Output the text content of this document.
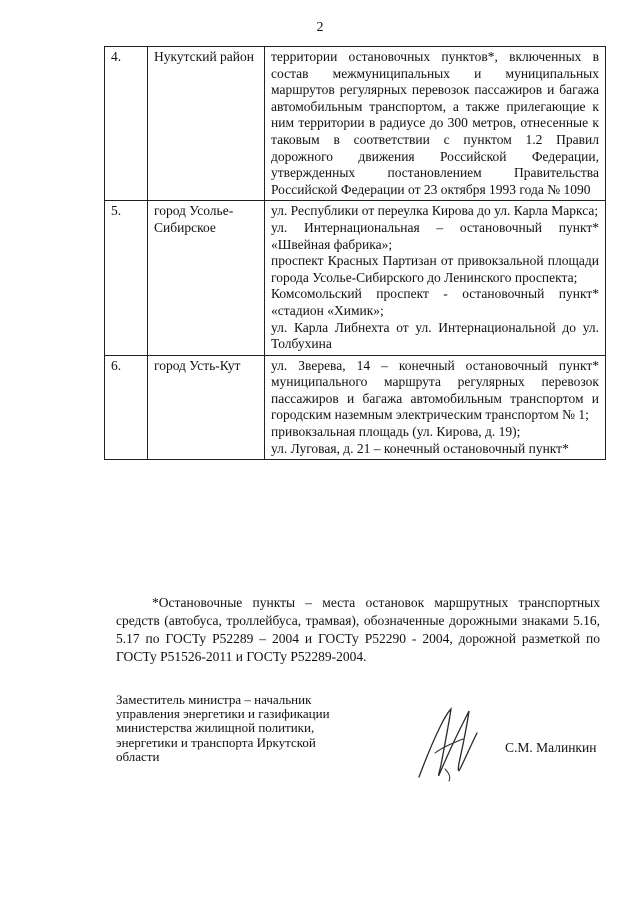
2
4.	Нукутский район	территории остановочных пунктов*, включенных в состав межмуниципальных и муниципальных маршрутов регулярных перевозок пассажиров и багажа автомобильным транспортом, а также прилегающие к ним территории в радиусе до 300 метров, отнесенные к таковым в соответствии с пунктом 1.2 Правил дорожного движения Российской Федерации, утвержденных постановлением Правительства Российской Федерации от 23 октября 1993 года № 1090

5.	город Усолье-Сибирское	ул. Республики от переулка Кирова до ул. Карла Маркса;

ул. Интернациональная – остановочный пункт* «Швейная фабрика»;

проспект Красных Партизан от привокзальной площади города Усолье-Сибирского до Ленинского проспекта;

Комсомольский проспект - остановочный пункт* «стадион «Химик»;

ул. Карла Либнехта от ул. Интернациональной до ул. Толбухина

6.	город Усть-Кут	ул. Зверева, 14 – конечный остановочный пункт* муниципального маршрута регулярных перевозок пассажиров и багажа автомобильным транспортом и городским наземным электрическим транспортом № 1;

привокзальная площадь (ул. Кирова, д. 19);

ул. Луговая, д. 21 – конечный остановочный пункт*

*Остановочные пункты – места остановок маршрутных транспортных средств (автобуса, троллейбуса, трамвая), обозначенные дорожными знаками 5.16, 5.17 по ГОСТу Р52289 – 2004 и ГОСТу Р52290 - 2004, дорожной разметкой по ГОСТу Р51526-2011 и ГОСТу Р52289-2004.

Заместитель министра – начальник управления энергетики и газификации министерства жилищной политики, энергетики и транспорта Иркутской области

С.М. Малинкин
